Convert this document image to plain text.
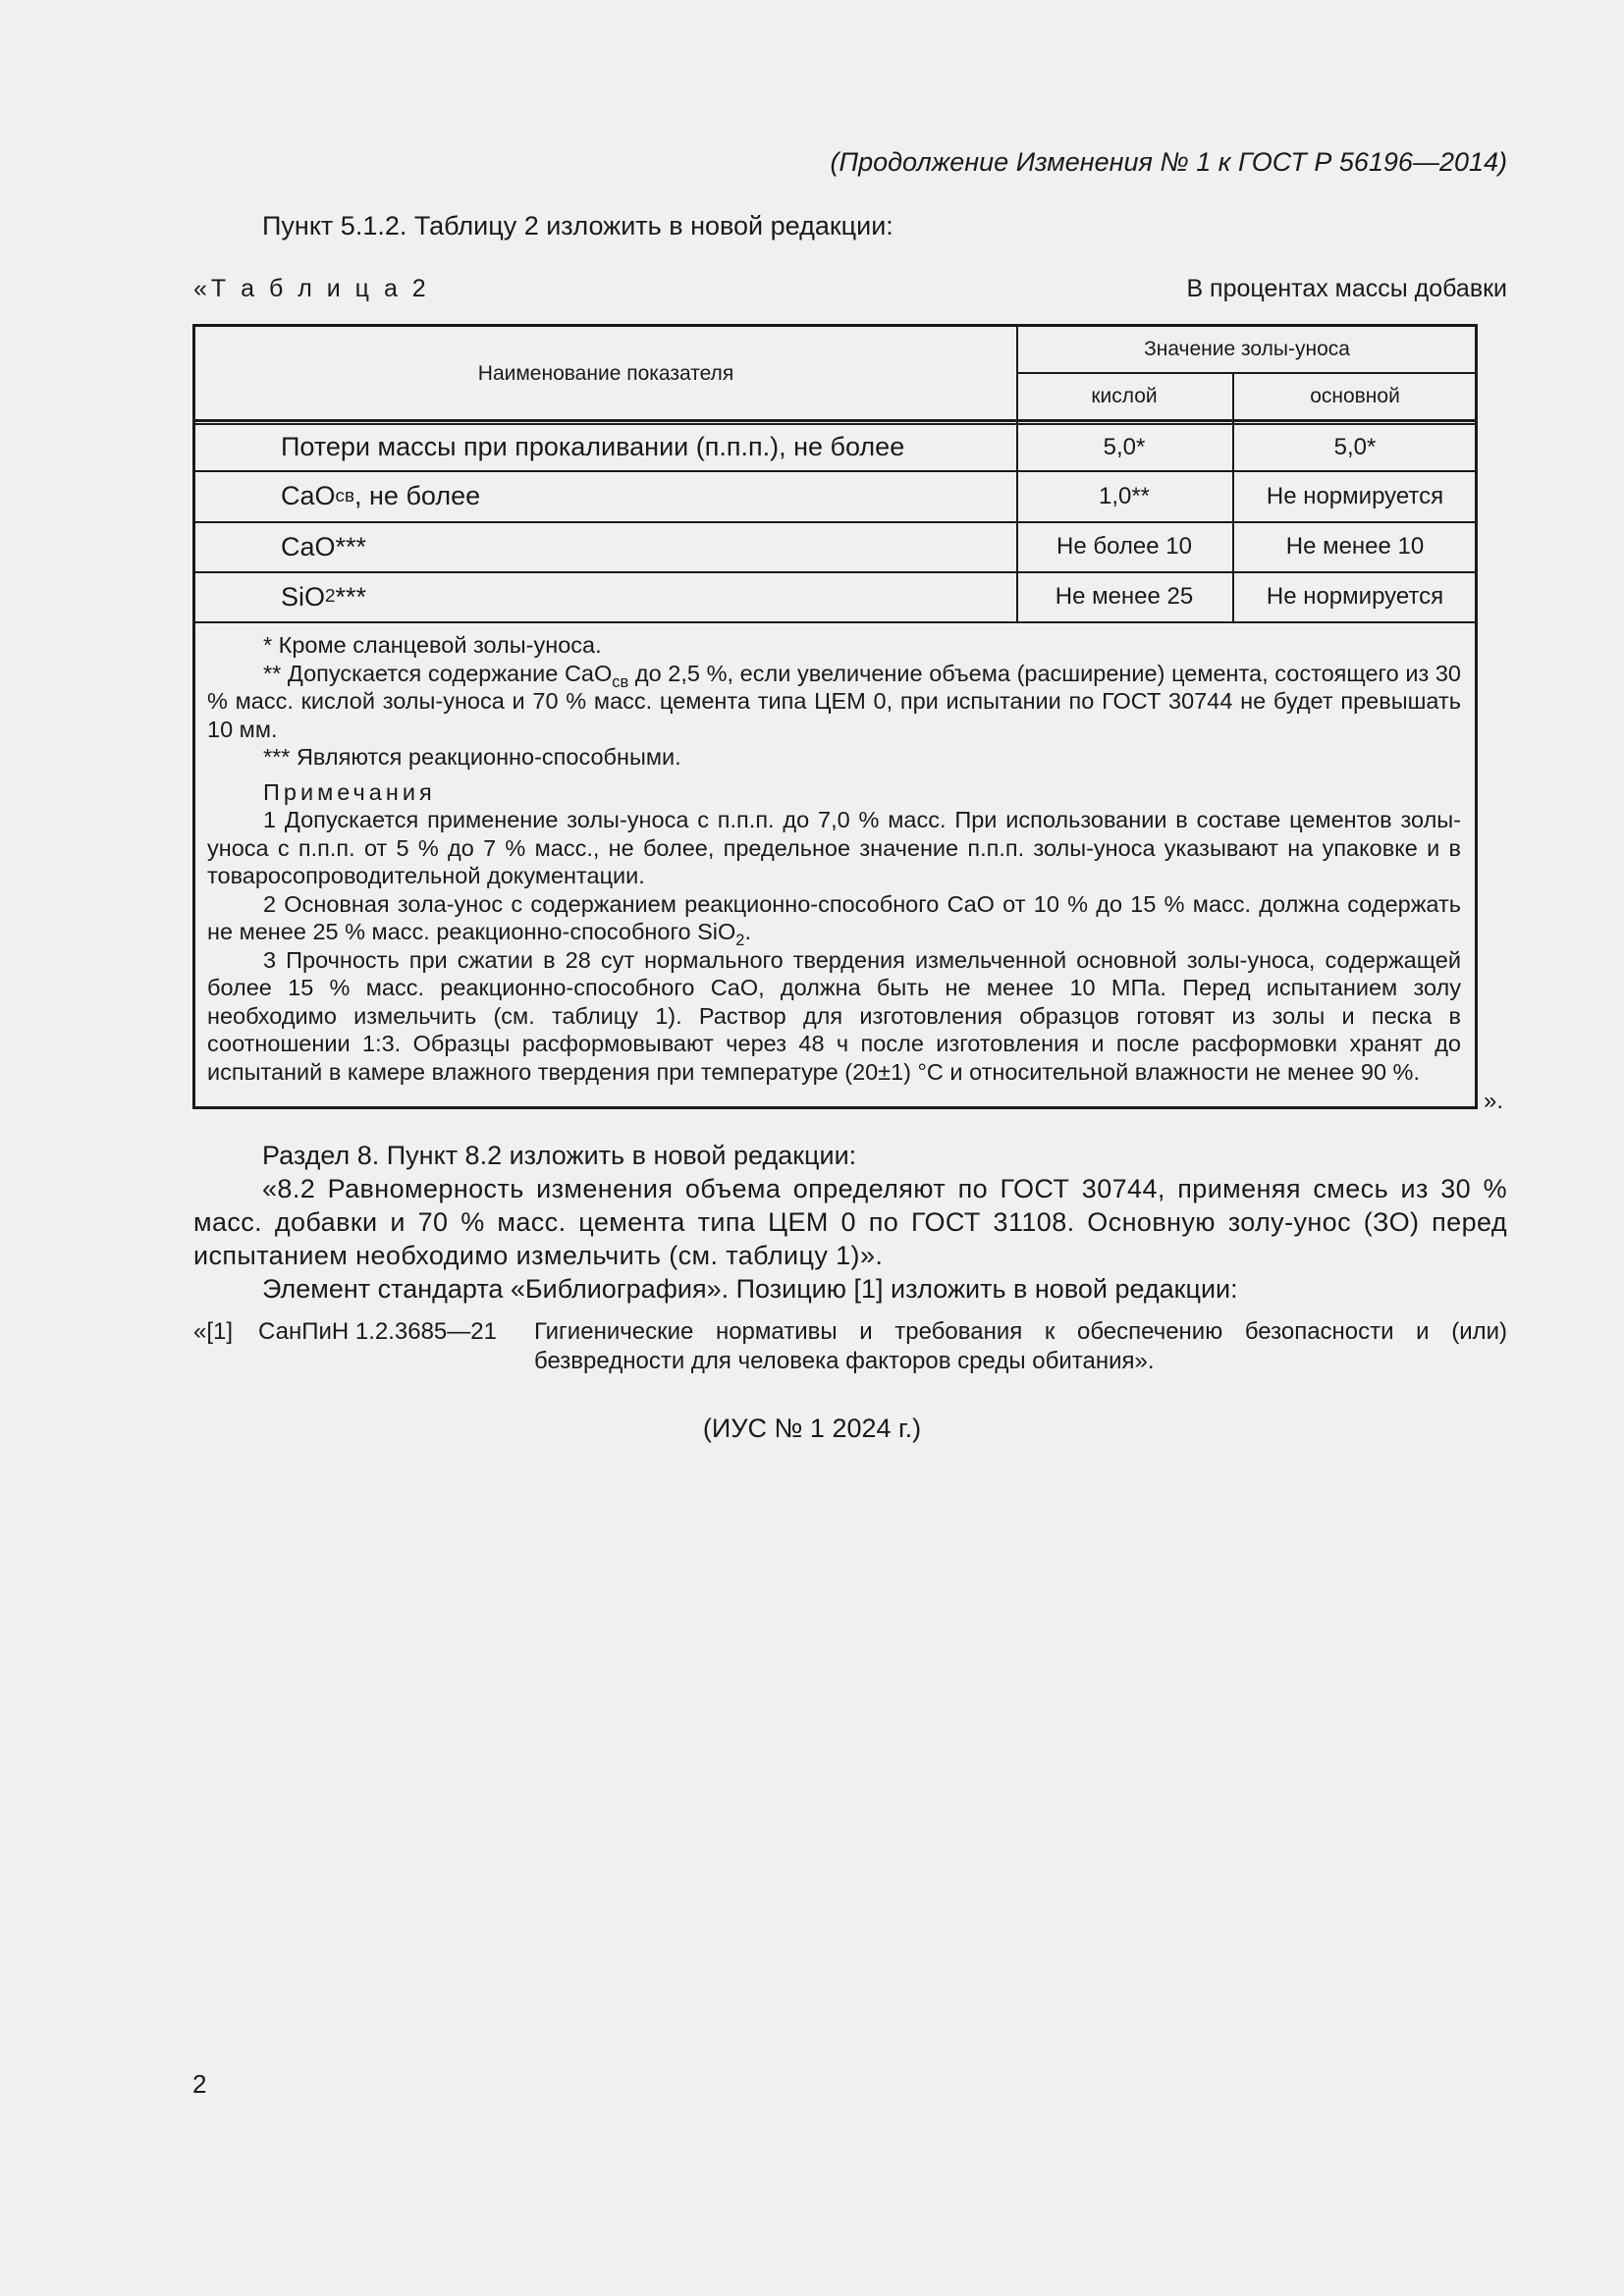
(Продолжение Изменения № 1 к ГОСТ Р 56196—2014)
Пункт 5.1.2. Таблицу 2 изложить в новой редакции:
«Т а б л и ц а 2	В процентах массы добавки
Наименование показателя
Значение золы-уноса
кислой	основной
Потери массы при прокаливании (п.п.п.), не более	5,0*	5,0*
CaO св , не более	1,0**	Не нормируется
CaO***	Не более 10	Не менее 10
SiO 2 ***	Не менее 25	Не нормируется

* Кроме сланцевой золы-уноса.

** Допускается содержание CaO$_{св}$ до 2,5 %, если увеличение объема (расширение) цемента, состоящего из 30 % масс. кислой золы-уноса и 70 % масс. цемента типа ЦЕМ 0, при испытании по ГОСТ 30744 не будет превышать 10 мм.

*** Являются реакционно-способными.

Примечания

1 Допускается применение золы-уноса с п.п.п. до 7,0 % масс. При использовании в составе цементов золы-уноса с п.п.п. от 5 % до 7 % масс., не более, предельное значение п.п.п. золы-уноса указывают на упаковке и в товаросопроводительной документации.

2 Основная зола-унос с содержанием реакционно-способного CaO от 10 % до 15 % масс. должна содержать не менее 25 % масс. реакционно-способного SiO$_2$.

3 Прочность при сжатии в 28 сут нормального твердения измельченной основной золы-уноса, содержащей более 15 % масс. реакционно-способного CaO, должна быть не менее 10 МПа. Перед испытанием золу необходимо измельчить (см. таблицу 1). Раствор для изготовления образцов готовят из золы и песка в соотношении 1:3. Образцы расформовывают через 48 ч после изготовления и после расформовки хранят до испытаний в камере влажного твердения при температуре (20±1) °С и относительной влажности не менее 90 %.

».

Раздел 8. Пункт 8.2 изложить в новой редакции:

«8.2 Равномерность изменения объема определяют по ГОСТ 30744, применяя смесь из 30 % масс. добавки и 70 % масс. цемента типа ЦЕМ 0 по ГОСТ 31108. Основную золу-унос (ЗО) перед испытанием необходимо измельчить (см. таблицу 1)».

Элемент стандарта «Библиография». Позицию [1] изложить в новой редакции:

«[1] СанПиН 1.2.3685—21 Гигиенические нормативы и требования к обеспечению безопасности и (или) безвредности для человека факторов среды обитания».
(ИУС № 1 2024 г.)
2
